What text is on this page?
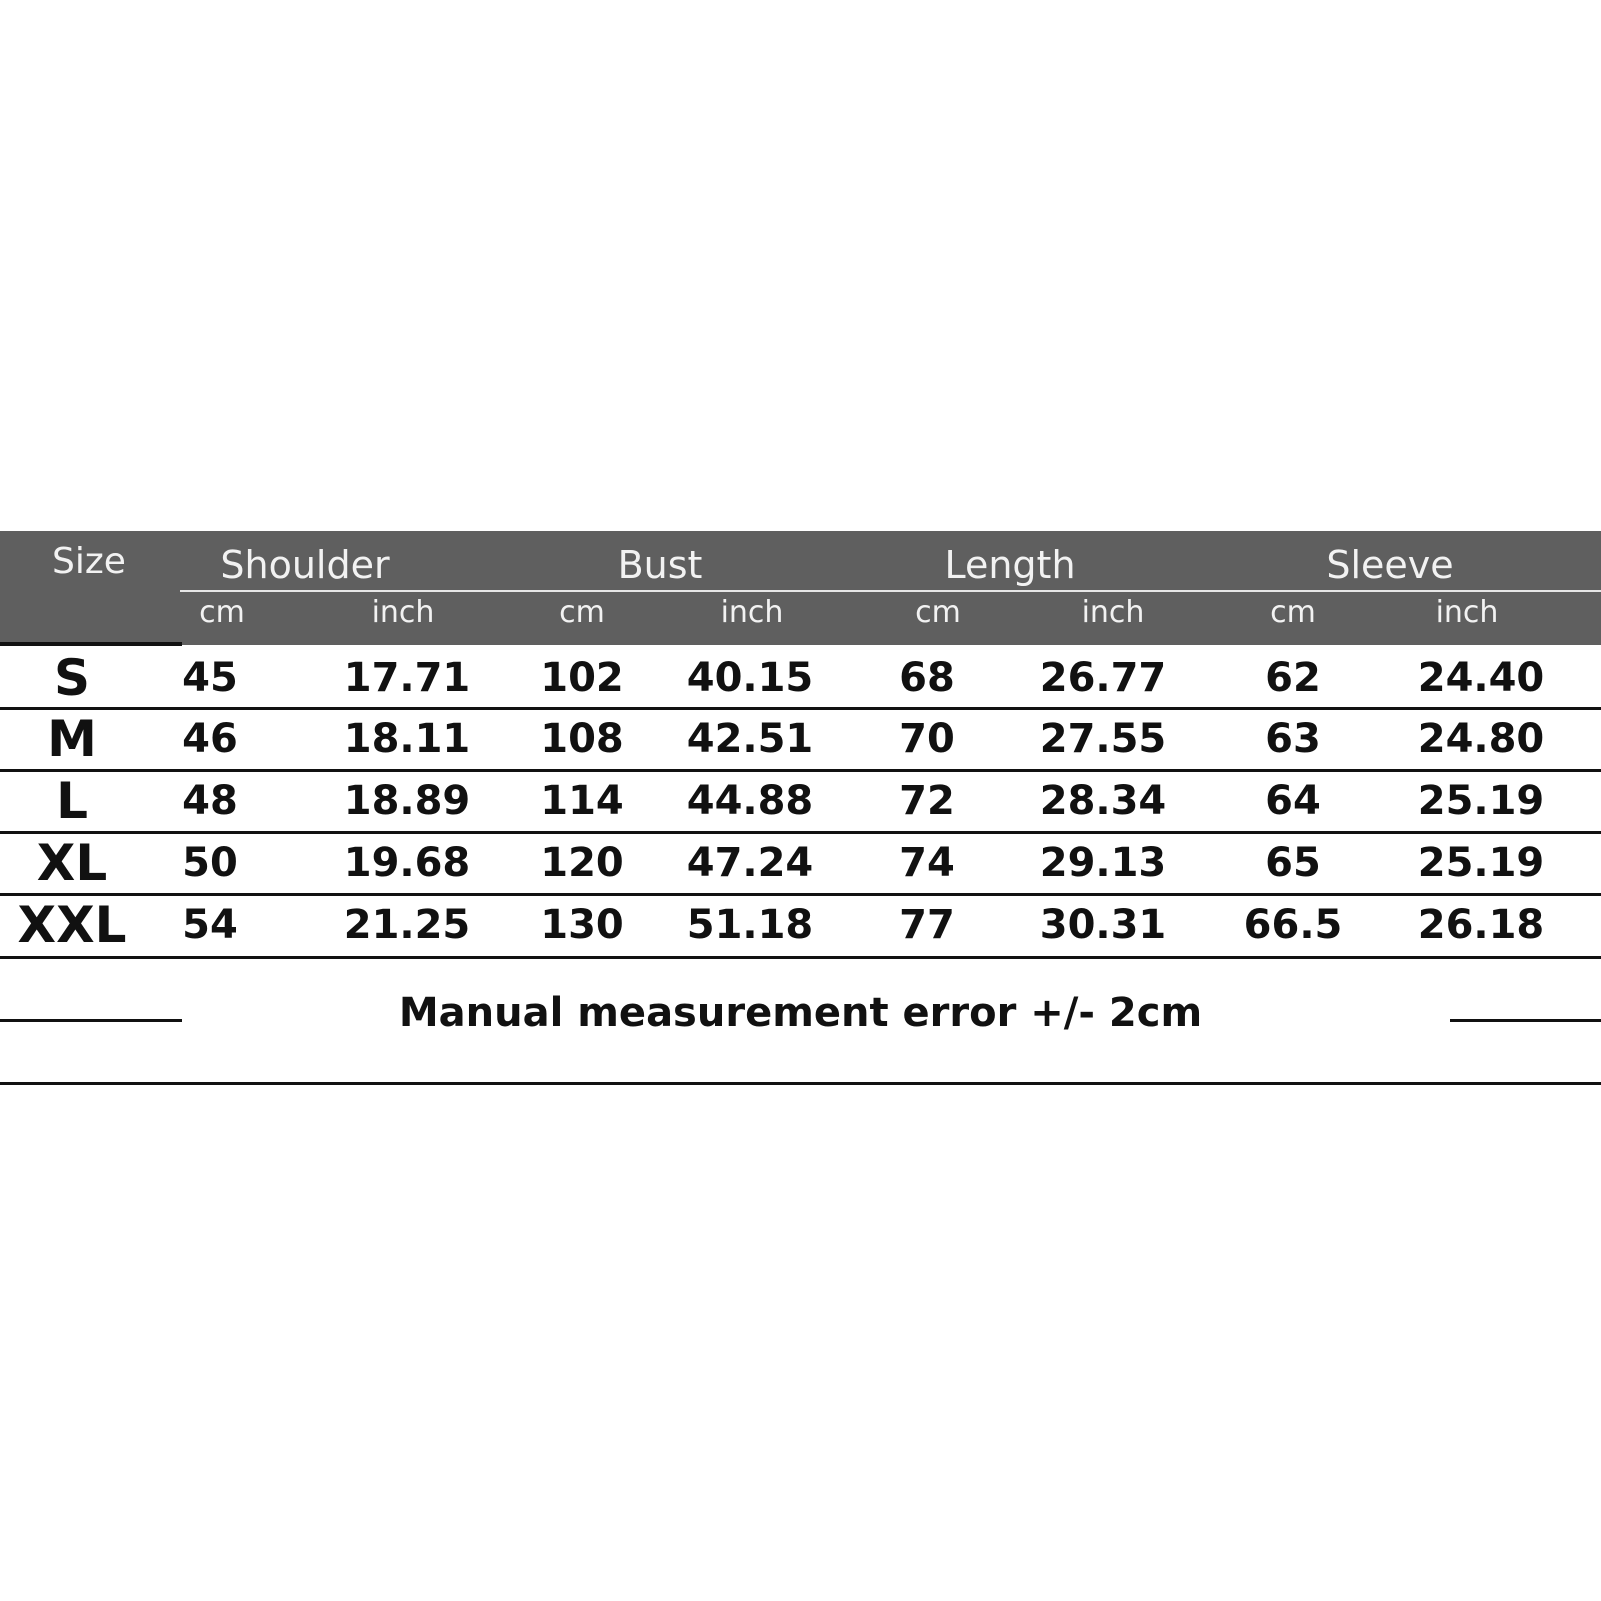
Size Shoulder	Bust	Length	Sleeve
cm	inch	cm	inch	cm	inch	cm	inch
S 45	17.71 102 40.15 68 26.77 62 24.40
M 46	18.11 108 42.51 70 27.55 63 24.80
L 48	18.89 114 44.88 72 28.34 64 25.19
XL 50	19.68 120 47.24 74 29.13 65 25.19
XXL 54	21.25 130 51.18 77 30.31 66.5 26.18
Manual measurement error +/- 2cm
